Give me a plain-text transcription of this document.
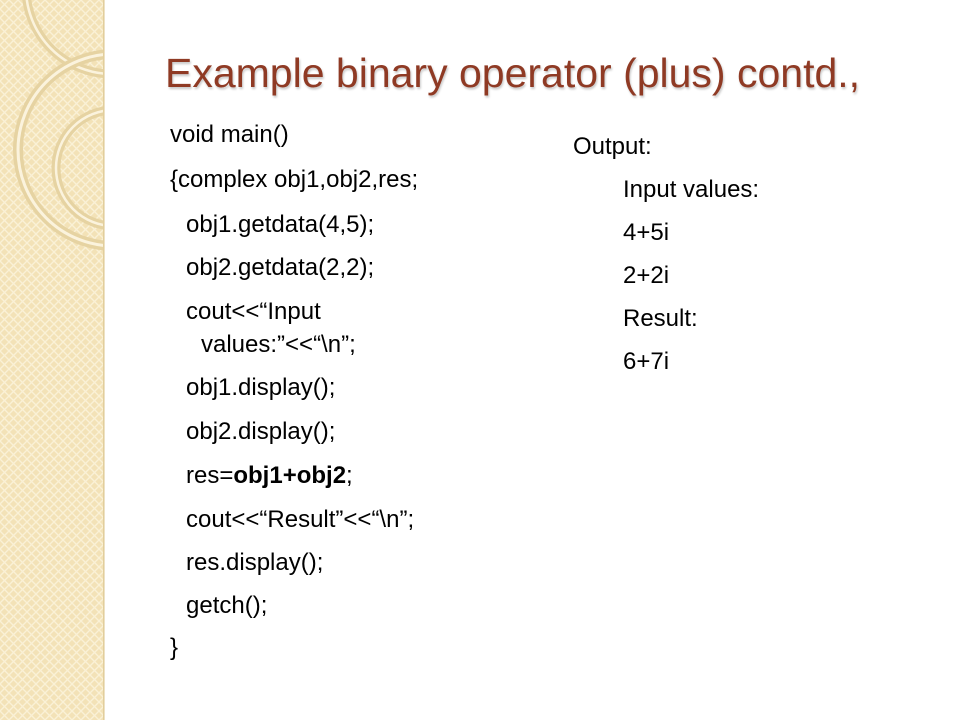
Example binary operator (plus) contd.,
void main()
{complex obj1,obj2,res;
obj1.getdata(4,5);
obj2.getdata(2,2);
cout<<“Input
values:”<<“\n”;
obj1.display();
obj2.display();
res=obj1+obj2;
cout<<“Result”<<“\n”;
res.display();
getch();
}
Output:
Input values:
4+5i
2+2i
Result:
6+7i
